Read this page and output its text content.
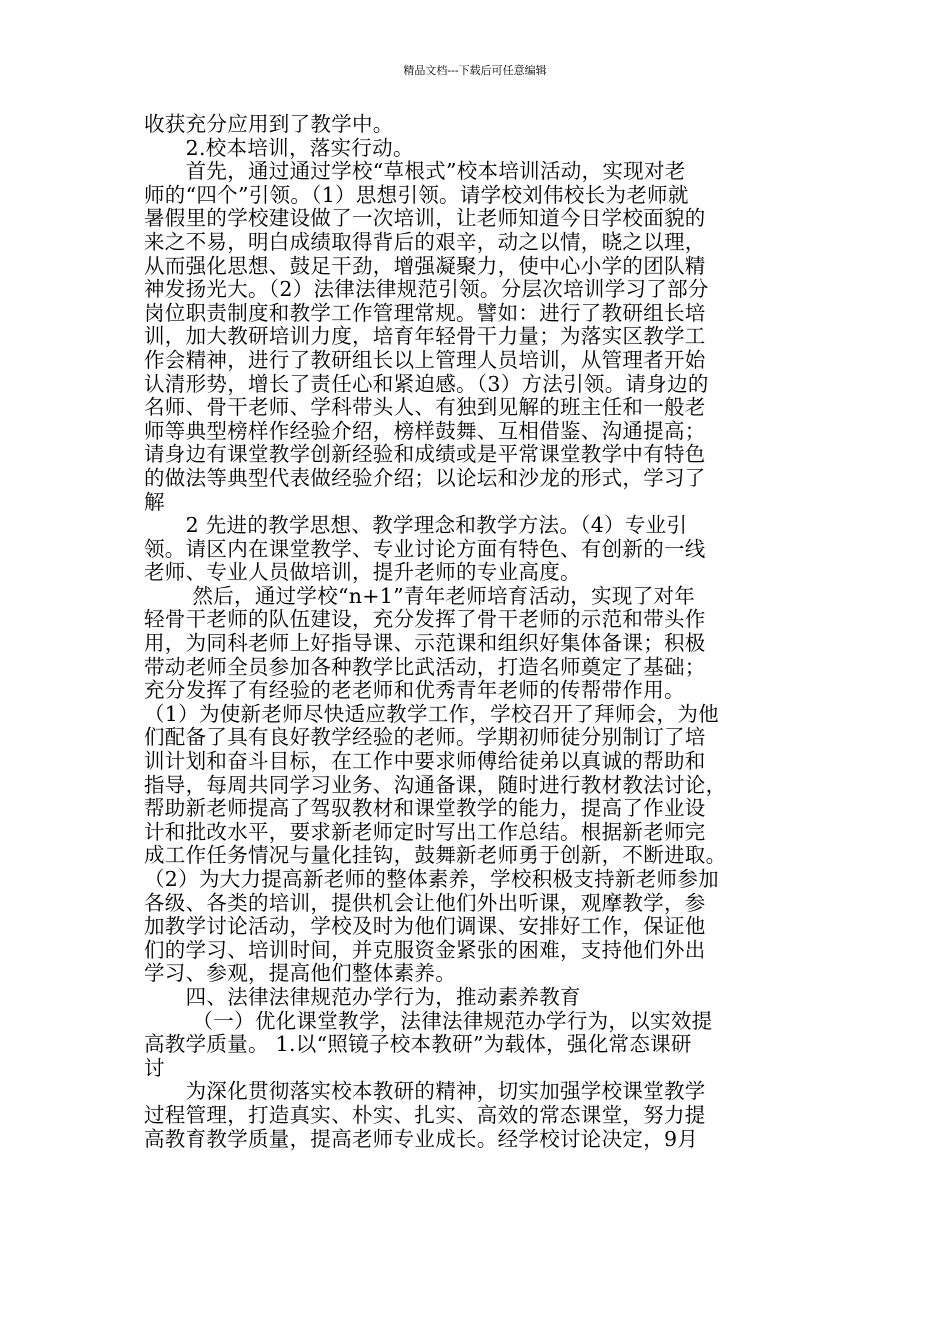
精品文档---下载后可任意编辑
收获充分应用到了教学中。
　　2.校本培训，落实行动。
　　首先，通过通过学校“草根式”校本培训活动，实现对老
师的“四个”引领。（1）思想引领。请学校刘伟校长为老师就
暑假里的学校建设做了一次培训，让老师知道今日学校面貌的
来之不易，明白成绩取得背后的艰辛，动之以情，晓之以理，
从而强化思想、鼓足干劲，增强凝聚力，使中心小学的团队精
神发扬光大。（2）法律法律规范引领。分层次培训学习了部分
岗位职责制度和教学工作管理常规。譬如：进行了教研组长培
训，加大教研培训力度，培育年轻骨干力量；为落实区教学工
作会精神，进行了教研组长以上管理人员培训，从管理者开始
认清形势，增长了责任心和紧迫感。（3）方法引领。请身边的
名师、骨干老师、学科带头人、有独到见解的班主任和一般老
师等典型榜样作经验介绍，榜样鼓舞、互相借鉴、沟通提高；
请身边有课堂教学创新经验和成绩或是平常课堂教学中有特色
的做法等典型代表做经验介绍；以论坛和沙龙的形式，学习了
解
　　2 先进的教学思想、教学理念和教学方法。（4）专业引
领。请区内在课堂教学、专业讨论方面有特色、有创新的一线
老师、专业人员做培训，提升老师的专业高度。
　　 然后，通过学校“n+1”青年老师培育活动，实现了对年
轻骨干老师的队伍建设，充分发挥了骨干老师的示范和带头作
用，为同科老师上好指导课、示范课和组织好集体备课；积极
带动老师全员参加各种教学比武活动，打造名师奠定了基础；
充分发挥了有经验的老老师和优秀青年老师的传帮带作用。
（1）为使新老师尽快适应教学工作，学校召开了拜师会，为他
们配备了具有良好教学经验的老师。学期初师徒分别制订了培
训计划和奋斗目标，在工作中要求师傅给徒弟以真诚的帮助和
指导，每周共同学习业务、沟通备课，随时进行教材教法讨论，
帮助新老师提高了驾驭教材和课堂教学的能力，提高了作业设
计和批改水平，要求新老师定时写出工作总结。根据新老师完
成工作任务情况与量化挂钩，鼓舞新老师勇于创新，不断进取。
（2）为大力提高新老师的整体素养，学校积极支持新老师参加
各级、各类的培训，提供机会让他们外出听课，观摩教学，参
加教学讨论活动，学校及时为他们调课、安排好工作，保证他
们的学习、培训时间，并克服资金紧张的困难，支持他们外出
学习、参观，提高他们整体素养。
　　四、法律法律规范办学行为，推动素养教育
　　 （一）优化课堂教学，法律法律规范办学行为，以实效提
高教学质量。 1.以“照镜子校本教研”为载体，强化常态课研
讨
　　为深化贯彻落实校本教研的精神，切实加强学校课堂教学
过程管理，打造真实、朴实、扎实、高效的常态课堂，努力提
高教育教学质量，提高老师专业成长。经学校讨论决定，9月
